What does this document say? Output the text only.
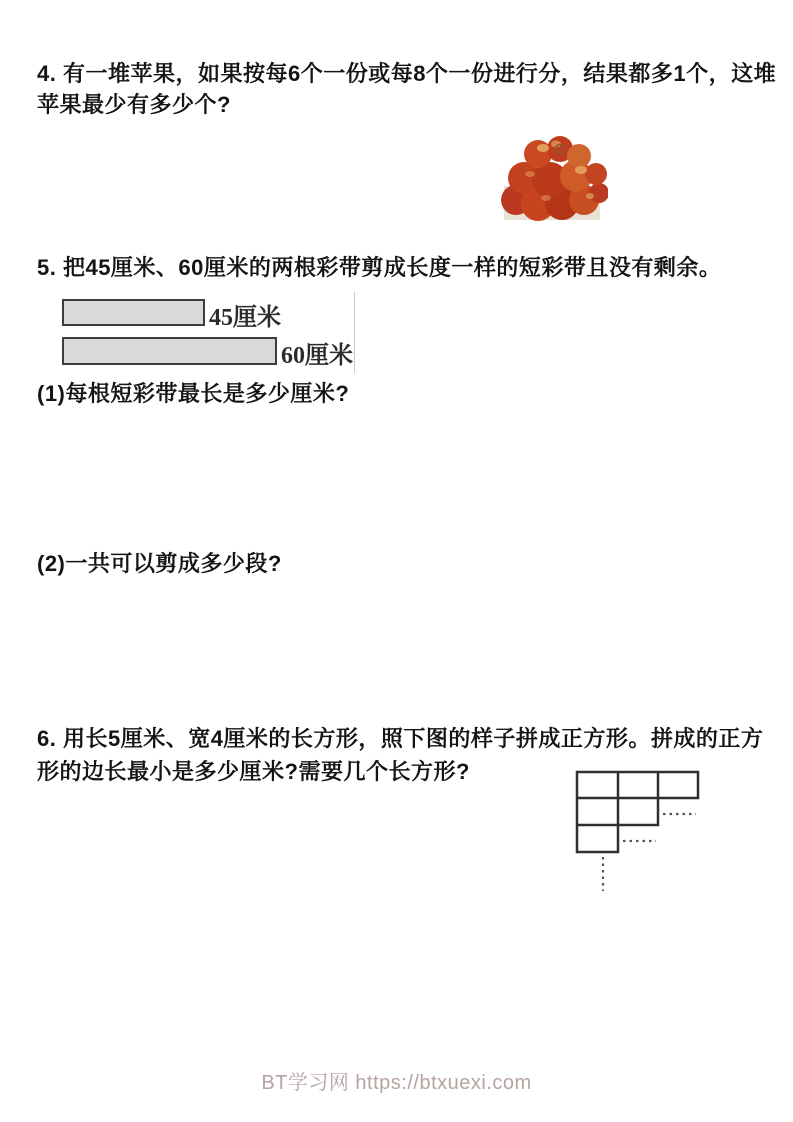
4. 有一堆苹果，如果按每6个一份或每8个一份进行分，结果都多1个，这堆
苹果最少有多少个?
5. 把45厘米、60厘米的两根彩带剪成长度一样的短彩带且没有剩余。
45厘米
60厘米
(1)每根短彩带最长是多少厘米?
(2)一共可以剪成多少段?
6. 用长5厘米、宽4厘米的长方形，照下图的样子拼成正方形。拼成的正方
形的边长最小是多少厘米?需要几个长方形?
BT学习网 https://btxuexi.com
